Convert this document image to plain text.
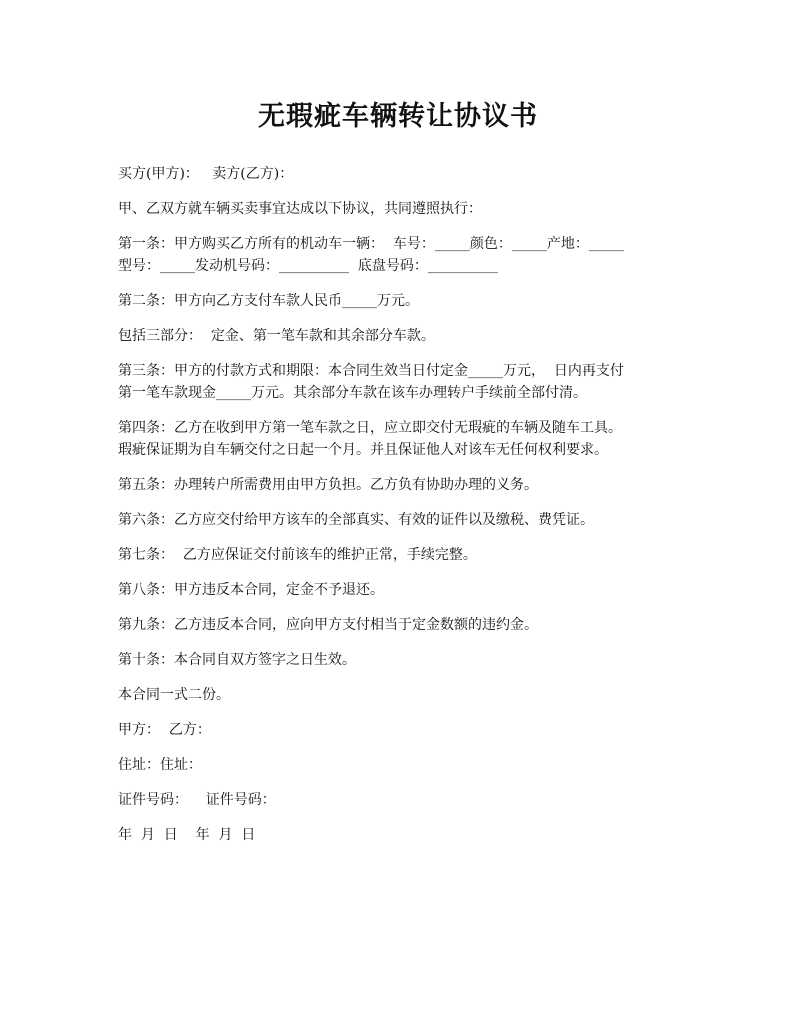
无瑕疵车辆转让协议书
买方(甲方)：   卖方(乙方)：
甲、乙双方就车辆买卖事宜达成以下协议，共同遵照执行：
第一条：甲方购买乙方所有的机动车一辆：  车号：_____颜色：_____产地：_____
型号：_____发动机号码：__________  底盘号码：__________
第二条：甲方向乙方支付车款人民币_____万元。
包括三部分：  定金、第一笔车款和其余部分车款。
第三条：甲方的付款方式和期限：本合同生效当日付定金_____万元，  日内再支付
第一笔车款现金_____万元。其余部分车款在该车办理转户手续前全部付清。
第四条：乙方在收到甲方第一笔车款之日，应立即交付无瑕疵的车辆及随车工具。
瑕疵保证期为自车辆交付之日起一个月。并且保证他人对该车无任何权利要求。
第五条：办理转户所需费用由甲方负担。乙方负有协助办理的义务。
第六条：乙方应交付给甲方该车的全部真实、有效的证件以及缴税、费凭证。
第七条：  乙方应保证交付前该车的维护正常，手续完整。
第八条：甲方违反本合同，定金不予退还。
第九条：乙方违反本合同，应向甲方支付相当于定金数额的违约金。
第十条：本合同自双方签字之日生效。
本合同一式二份。
甲方：  乙方：
住址：住址：
证件号码：    证件号码：
年  月  日    年  月  日
